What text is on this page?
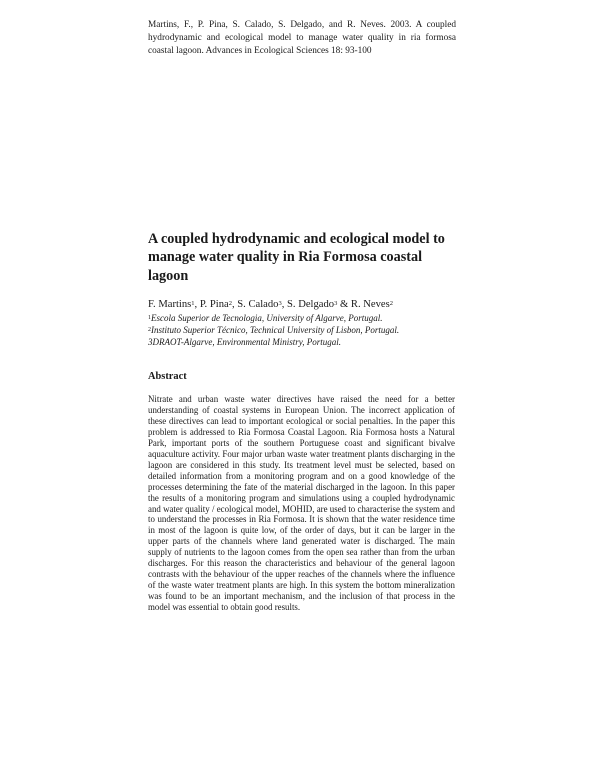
Martins, F., P. Pina, S. Calado, S. Delgado, and R. Neves. 2003. A coupled hydrodynamic and ecological model to manage water quality in ria formosa coastal lagoon. Advances in Ecological Sciences 18: 93-100
A coupled hydrodynamic and ecological model to manage water quality in Ria Formosa coastal lagoon
F. Martins$^1$, P. Pina$^2$, S. Calado$^3$, S. Delgado$^3$ & R. Neves$^2$
$^1$Escola Superior de Tecnologia, University of Algarve, Portugal.
$^2$Instituto Superior Técnico, Technical University of Lisbon, Portugal.
3DRAOT-Algarve, Environmental Ministry, Portugal.
Abstract

Nitrate and urban waste water directives have raised the need for a better understanding of coastal systems in European Union. The incorrect application of these directives can lead to important ecological or social penalties. In the paper this problem is addressed to Ria Formosa Coastal Lagoon. Ria Formosa hosts a Natural Park, important ports of the southern Portuguese coast and significant bivalve aquaculture activity. Four major urban waste water treatment plants discharging in the lagoon are considered in this study. Its treatment level must be selected, based on detailed information from a monitoring program and on a good knowledge of the processes determining the fate of the material discharged in the lagoon. In this paper the results of a monitoring program and simulations using a coupled hydrodynamic and water quality / ecological model, MOHID, are used to characterise the system and to understand the processes in Ria Formosa. It is shown that the water residence time in most of the lagoon is quite low, of the order of days, but it can be larger in the upper parts of the channels where land generated water is discharged. The main supply of nutrients to the lagoon comes from the open sea rather than from the urban discharges. For this reason the characteristics and behaviour of the general lagoon contrasts with the behaviour of the upper reaches of the channels where the influence of the waste water treatment plants are high. In this system the bottom mineralization was found to be an important mechanism, and the inclusion of that process in the model was essential to obtain good results.
